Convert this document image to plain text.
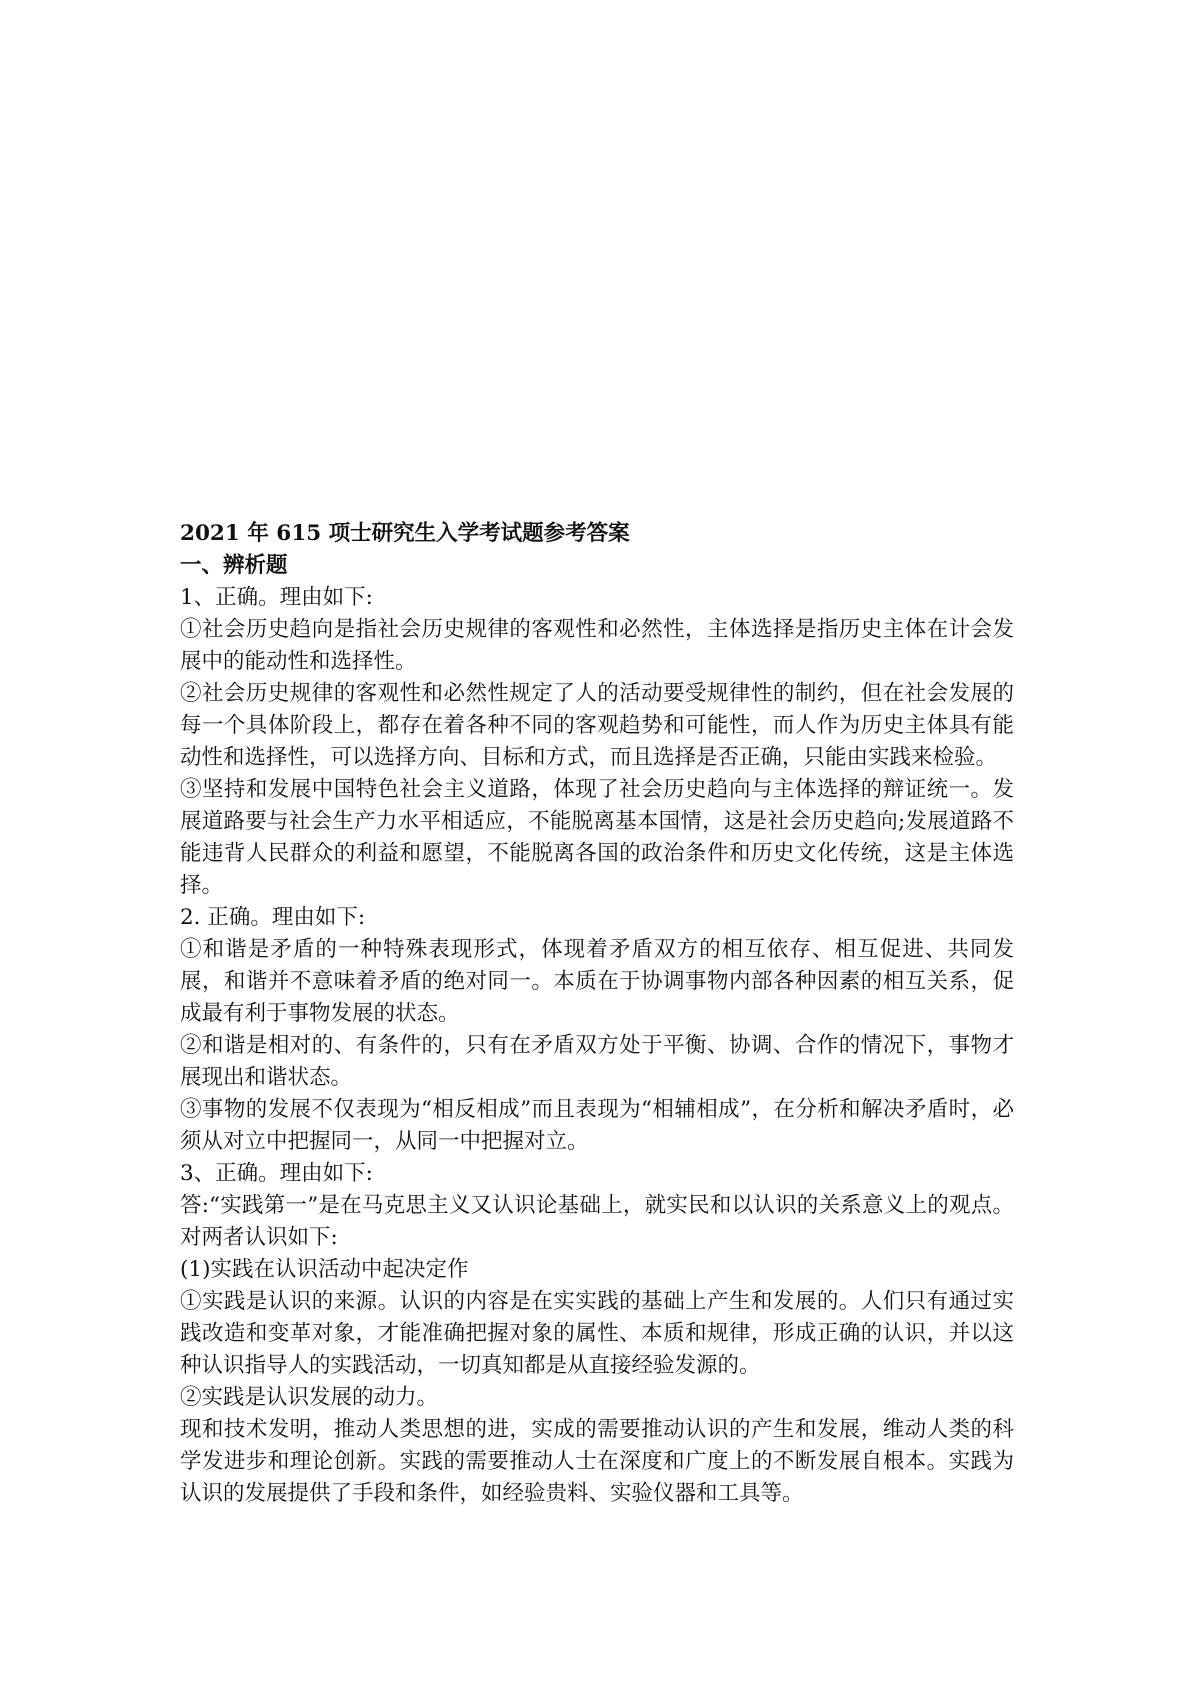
2021 年 615 项士研究生入学考试题参考答案

一、辨析题

1、正确。理由如下:

①社会历史趋向是指社会历史规律的客观性和必然性，主体选择是指历史主体在计会发展中的能动性和选择性。

②社会历史规律的客观性和必然性规定了人的活动要受规律性的制约，但在社会发展的每一个具体阶段上，都存在着各种不同的客观趋势和可能性，而人作为历史主体具有能动性和选择性，可以选择方向、目标和方式，而且选择是否正确，只能由实践来检验。

③坚持和发展中国特色社会主义道路，体现了社会历史趋向与主体选择的辩证统一。发展道路要与社会生产力水平相适应，不能脱离基本国情，这是社会历史趋向;发展道路不能违背人民群众的利益和愿望，不能脱离各国的政治条件和历史文化传统，这是主体选择。

2. 正确。理由如下:

①和谐是矛盾的一种特殊表现形式，体现着矛盾双方的相互依存、相互促进、共同发展，和谐并不意味着矛盾的绝对同一。本质在于协调事物内部各种因素的相互关系，促成最有利于事物发展的状态。

②和谐是相对的、有条件的，只有在矛盾双方处于平衡、协调、合作的情况下，事物才展现出和谐状态。

③事物的发展不仅表现为“相反相成”而且表现为“相辅相成”，在分析和解决矛盾时，必须从对立中把握同一，从同一中把握对立。

3、正确。理由如下:

答:“实践第一”是在马克思主义又认识论基础上，就实民和以认识的关系意义上的观点。对两者认识如下:

(1)实践在认识活动中起决定作

①实践是认识的来源。认识的内容是在实实践的基础上产生和发展的。人们只有通过实践改造和变革对象，才能准确把握对象的属性、本质和规律，形成正确的认识，并以这种认识指导人的实践活动，一切真知都是从直接经验发源的。

②实践是认识发展的动力。

现和技术发明，推动人类思想的进，实成的需要推动认识的产生和发展，维动人类的科学发进步和理论创新。实践的需要推动人士在深度和广度上的不断发展自根本。实践为认识的发展提供了手段和条件，如经验贵料、实验仪器和工具等。
